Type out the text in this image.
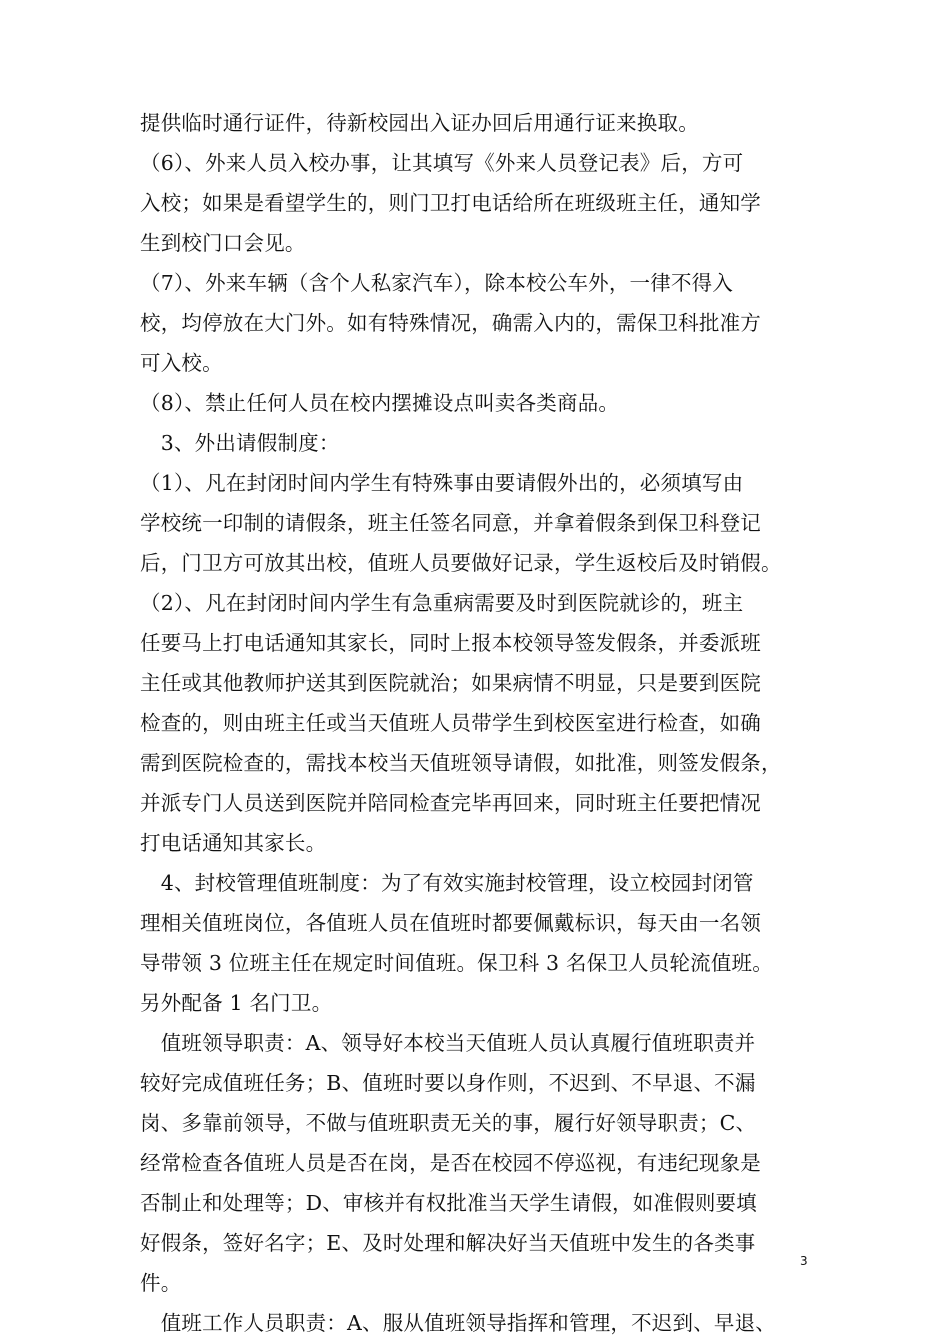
提供临时通行证件，待新校园出入证办回后用通行证来换取。
（6）、外来人员入校办事，让其填写《外来人员登记表》后，方可
入校；如果是看望学生的，则门卫打电话给所在班级班主任，通知学
生到校门口会见。
（7）、外来车辆（含个人私家汽车），除本校公车外，一律不得入
校，均停放在大门外。如有特殊情况，确需入内的，需保卫科批准方
可入校。
（8）、禁止任何人员在校内摆摊设点叫卖各类商品。
　3、外出请假制度：
（1）、凡在封闭时间内学生有特殊事由要请假外出的，必须填写由
学校统一印制的请假条，班主任签名同意，并拿着假条到保卫科登记
后，门卫方可放其出校，值班人员要做好记录，学生返校后及时销假。
（2）、凡在封闭时间内学生有急重病需要及时到医院就诊的，班主
任要马上打电话通知其家长，同时上报本校领导签发假条，并委派班
主任或其他教师护送其到医院就治；如果病情不明显，只是要到医院
检查的，则由班主任或当天值班人员带学生到校医室进行检查，如确
需到医院检查的，需找本校当天值班领导请假，如批准，则签发假条，
并派专门人员送到医院并陪同检查完毕再回来，同时班主任要把情况
打电话通知其家长。
　4、封校管理值班制度：为了有效实施封校管理，设立校园封闭管
理相关值班岗位，各值班人员在值班时都要佩戴标识，每天由一名领
导带领 3 位班主任在规定时间值班。保卫科 3 名保卫人员轮流值班。
另外配备 1 名门卫。
　值班领导职责：A、领导好本校当天值班人员认真履行值班职责并
较好完成值班任务；B、值班时要以身作则，不迟到、不早退、不漏
岗、多靠前领导，不做与值班职责无关的事，履行好领导职责；C、
经常检查各值班人员是否在岗，是否在校园不停巡视，有违纪现象是
否制止和处理等；D、审核并有权批准当天学生请假，如准假则要填
好假条，签好名字；E、及时处理和解决好当天值班中发生的各类事
件。
　值班工作人员职责：A、服从值班领导指挥和管理，不迟到、早退、
3
